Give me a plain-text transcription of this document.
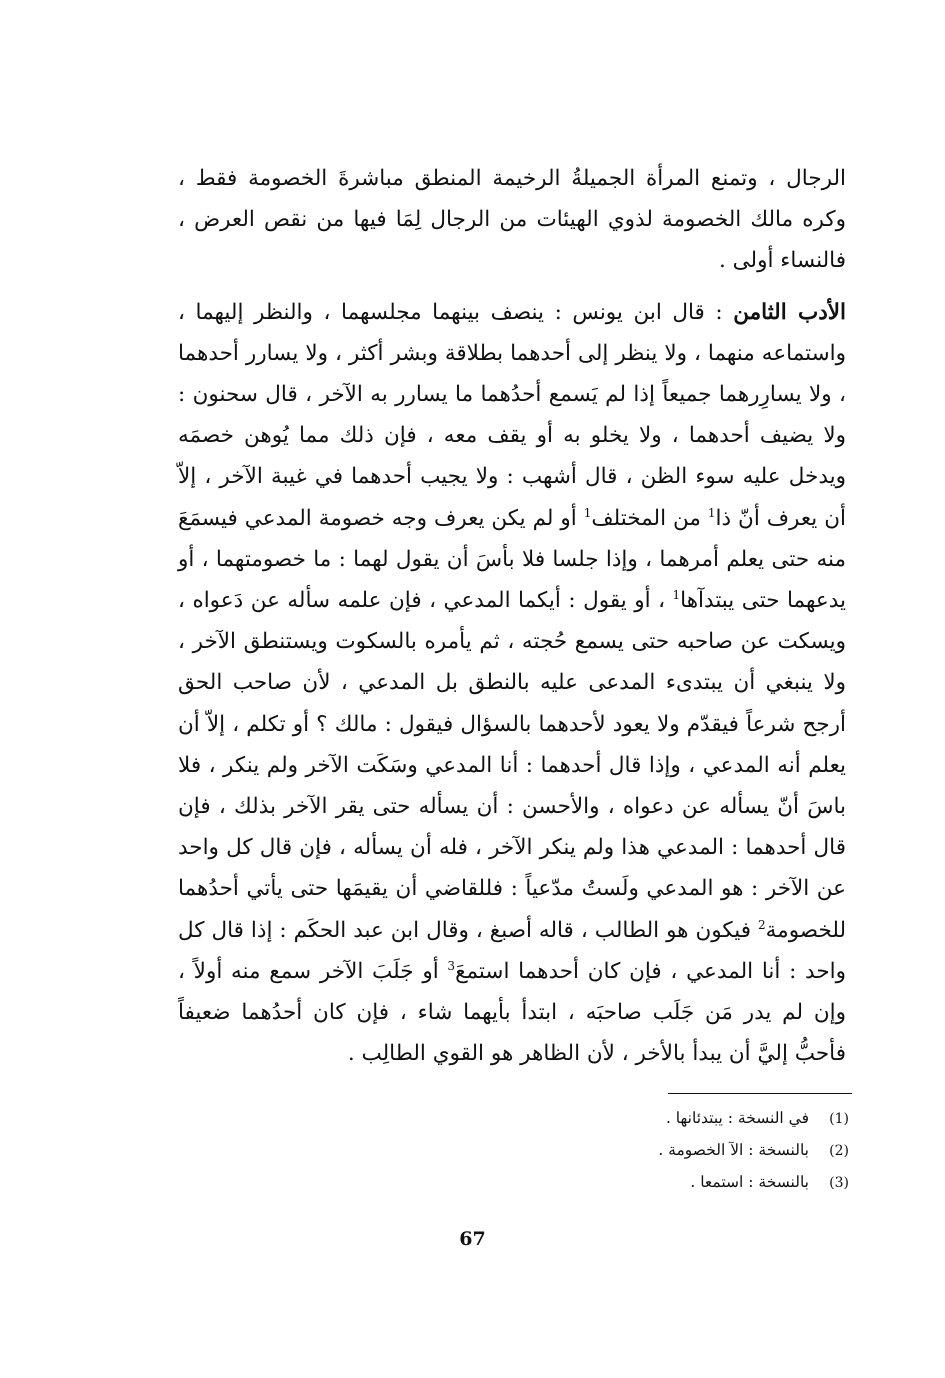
الرجال ، وتمنع المرأة الجميلةُ الرخيمة المنطق مباشرةَ الخصومة فقط ، وكره مالك الخصومة لذوي الهيئات من الرجال لِمَا فيها من نقص العرض ، فالنساء أولى .

الأدب الثامن : قال ابن يونس : ينصف بينهما مجلسهما ، والنظر إليهما ، واستماعه منهما ، ولا ينظر إلى أحدهما بطلاقة وبشر أكثر ، ولا يسارر أحدهما ، ولا يسارِرهما جميعاً إذا لم يَسمع أحدُهما ما يسارر به الآخر ، قال سحنون : ولا يضيف أحدهما ، ولا يخلو به أو يقف معه ، فإن ذلك مما يُوهن خصمَه ويدخل عليه سوء الظن ، قال أشهب : ولا يجيب أحدهما في غيبة الآخر ، إلاّ أن يعرف أنّ ذا$^1$ من المختلف$^1$ أو لم يكن يعرف وجه خصومة المدعي فيسمَعَ منه حتى يعلم أمرهما ، وإذا جلسا فلا بأسَ أن يقول لهما : ما خصومتهما ، أو يدعهما حتى يبتدآها$^1$ ، أو يقول : أيكما المدعي ، فإن علمه سأله عن دَعواه ، ويسكت عن صاحبه حتى يسمع حُجته ، ثم يأمره بالسكوت ويستنطق الآخر ، ولا ينبغي أن يبتدىء المدعى عليه بالنطق بل المدعي ، لأن صاحب الحق أرجح شرعاً فيقدّم ولا يعود لأحدهما بالسؤال فيقول : مالك ؟ أو تكلم ، إلاّ أن يعلم أنه المدعي ، وإذا قال أحدهما : أنا المدعي وسَكَت الآخر ولم ينكر ، فلا باسَ أنّ يسأله عن دعواه ، والأحسن : أن يسأله حتى يقر الآخر بذلك ، فإن قال أحدهما : المدعي هذا ولم ينكر الآخر ، فله أن يسأله ، فإن قال كل واحد عن الآخر : هو المدعي ولَستُ مدّعياً : فللقاضي أن يقيمَها حتى يأتي أحدُهما للخصومة$^2$ فيكون هو الطالب ، قاله أصبغ ، وقال ابن عبد الحكَم : إذا قال كل واحد : أنا المدعي ، فإن كان أحدهما استمعَ$^3$ أو جَلَبَ الآخر سمع منه أولاً ، وإن لم يدر مَن جَلَب صاحبَه ، ابتدأ بأيهما شاء ، فإن كان أحدُهما ضعيفاً فأحبُّ إليَّ أن يبدأ بالأخر ، لأن الظاهر هو القوي الطالِب .

(1)
في النسخة : يبتدئانها .
(2)
بالنسخة : الآ الخصومة .
(3)
بالنسخة : استمعا .
67
